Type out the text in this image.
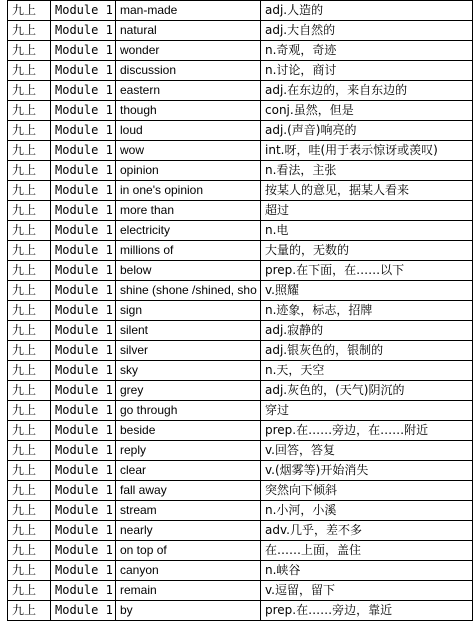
九上	Module 1	man-made	adj.人造的
九上	Module 1	natural	adj.大自然的
九上	Module 1	wonder	n.奇观，奇迹
九上	Module 1	discussion	n.讨论，商讨
九上	Module 1	eastern	adj.在东边的，来自东边的
九上	Module 1	though	conj.虽然，但是
九上	Module 1	loud	adj.(声音)响亮的
九上	Module 1	wow	int.呀，哇(用于表示惊讶或羡叹)
九上	Module 1	opinion	n.看法，主张
九上	Module 1	in one's opinion	按某人的意见，据某人看来
九上	Module 1	more than	超过
九上	Module 1	electricity	n.电
九上	Module 1	millions of	大量的，无数的
九上	Module 1	below	prep.在下面，在……以下
九上	Module 1	shine (shone /shined, sho	v.照耀
九上	Module 1	sign	n.迹象，标志，招牌
九上	Module 1	silent	adj.寂静的
九上	Module 1	silver	adj.银灰色的，银制的
九上	Module 1	sky	n.天，天空
九上	Module 1	grey	adj.灰色的，(天气)阴沉的
九上	Module 1	go through	穿过
九上	Module 1	beside	prep.在……旁边，在……附近
九上	Module 1	reply	v.回答，答复
九上	Module 1	clear	v.(烟雾等)开始消失
九上	Module 1	fall away	突然向下倾斜
九上	Module 1	stream	n.小河，小溪
九上	Module 1	nearly	adv.几乎，差不多
九上	Module 1	on top of	在……上面，盖住
九上	Module 1	canyon	n.峡谷
九上	Module 1	remain	v.逗留，留下
九上	Module 1	by	prep.在……旁边，靠近
